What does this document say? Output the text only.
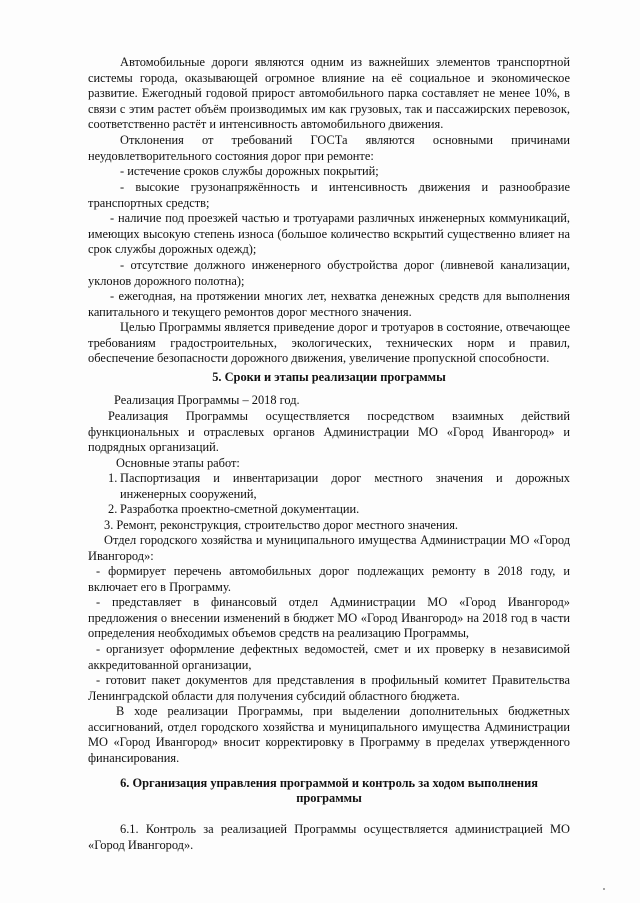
Автомобильные дороги являются одним из важнейших элементов транспортной системы города, оказывающей огромное влияние на её социальное и экономическое развитие. Ежегодный годовой прирост автомобильного парка составляет не менее 10%, в связи с этим растет объём производимых им как грузовых, так и пассажирских перевозок, соответственно растёт и интенсивность автомобильного движения.

Отклонения от требований ГОСТа являются основными причинами неудовлетворительного состояния дорог при ремонте:

- истечение сроков службы дорожных покрытий;

- высокие грузонапряжённость и интенсивность движения и разнообразие транспортных средств;

- наличие под проезжей частью и тротуарами различных инженерных коммуникаций, имеющих высокую степень износа (большое количество вскрытий существенно влияет на срок службы дорожных одежд);

- отсутствие должного инженерного обустройства дорог (ливневой канализации, уклонов дорожного полотна);

- ежегодная, на протяжении многих лет, нехватка денежных средств для выполнения капитального и текущего ремонтов дорог местного значения.

Целью Программы является приведение дорог и тротуаров в состояние, отвечающее требованиям градостроительных, экологических, технических норм и правил, обеспечение безопасности дорожного движения, увеличение пропускной способности.

5. Сроки и этапы реализации программы

Реализация Программы – 2018 год.

Реализация Программы осуществляется посредством взаимных действий функциональных и отраслевых органов Администрации МО «Город Ивангород» и подрядных организаций.

Основные этапы работ:

1. Паспортизация и инвентаризации дорог местного значения и дорожных инженерных сооружений,
2. Разработка проектно-сметной документации.

3. Ремонт, реконструкция, строительство дорог местного значения.

Отдел городского хозяйства и муниципального имущества Администрации МО «Город Ивангород»:

- формирует перечень автомобильных дорог подлежащих ремонту в 2018 году, и включает его в Программу.

- представляет в финансовый отдел Администрации МО «Город Ивангород» предложения о внесении изменений в бюджет МО «Город Ивангород» на 2018 год в части определения необходимых объемов средств на реализацию Программы,

- организует оформление дефектных ведомостей, смет и их проверку в независимой аккредитованной организации,

- готовит пакет документов для представления в профильный комитет Правительства Ленинградской области для получения субсидий областного бюджета.

В ходе реализации Программы, при выделении дополнительных бюджетных ассигнований, отдел городского хозяйства и муниципального имущества Администрации МО «Город Ивангород» вносит корректировку в Программу в пределах утвержденного финансирования.

6. Организация управления программой и контроль за ходом выполнения

программы

6.1. Контроль за реализацией Программы осуществляется администрацией МО «Город Ивангород».
